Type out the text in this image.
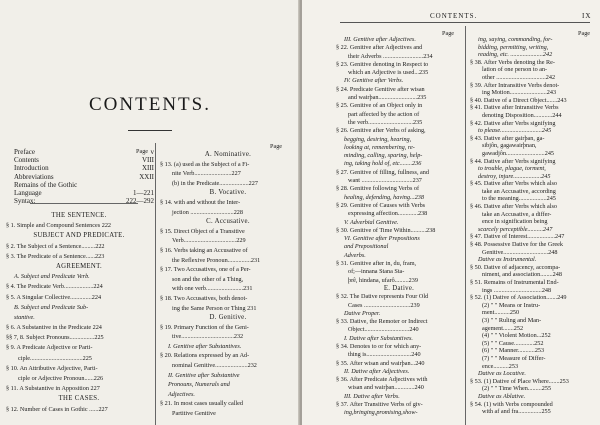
CONTENTS.
Preface	v
Contents	VIII
Introduction	XIII
Abbreviations	XXII
Remains of the Gothic
Language	1—221
Syntax:	222—292
Page
THE SENTENCE.
§ 1. Simple and Compound Sentences 222
SUBJECT AND PREDICATE.
§ 2. The Subject of a Sentence.........222
§ 3. The Predicate of a Sentence......223
AGREEMENT.
A. Subject and Predicate Verb.
§ 4. The Predicate Verb...................224
§ 5. A Singular Collective..............224
B. Subject and Predicate Sub-
stantive.
§ 6. A Substantive in the Predicate 224
§§ 7, 8. Subject Pronouns................225
§ 9. A Predicate Adjective or Parti-
ciple..................................225
§ 10. An Attributive Adjective, Parti-
ciple or Adjective Pronoun......226
§ 11. A Substantive in Apposition 227
THE CASES.
§ 12. Number of Cases in Gothic ......227
Page
A. Nominative.
§ 13. (a) used as the Subject of a Fi-
nite Verb........................227
(b) in the Predicate...................227
B. Vocative.
§ 14. with and without the Inter-
jection ............................228
C. Accusative.
§ 15. Direct Object of a Transitive
Verb..................................229
§ 16. Verbs taking an Accusative of
the Reflexive Pronoun...............231
§ 17. Two Accusatives, one of a Per-
son and the other of a Thing,
with one verb........................231
§ 18. Two Accusatives, both denot-
ing the Same Person or Thing 231
D. Genitive.
§ 19. Primary Function of the Geni-
tive..................................232
I. Genitive after Substantives.
§ 20. Relations expressed by an Ad-
nominal Genitive.....................232
II. Genitive after Substantive
Pronouns, Numerals and
Adjectives.
§ 21. In most cases usually called
Partitive Genitive
CONTENTS.	IX
Page
III. Genitive after Adjectives.
§ 22. Genitive after Adjectives and
their Adverbs ..........................234
§ 23. Genitive denoting in Respect to
which an Adjective is used...235
IV. Genitive after Verbs.
§ 24. Predicate Genitive after wisan
and wairþan.........................235
§ 25. Genitive of an Object only in
part affected by the action of
the verb.............................235
§ 26. Genitive after Verbs of asking,
begging, desiring, hearing,
looking at, remembering, re-
minding, calling, sparing, help-
ing, taking hold of, etc........236
§ 27. Genitive of filling, fullness, and
want .................................237
§ 28. Genitive following Verbs of
healing, defending, having...238
§ 29. Genitive of Causes with Verbs
expressing affection.............238
V. Adverbial Genitive.
§ 30. Genitive of Time Within..........238
VI. Genitive after Prepositions
and Prepositional
Adverbs.
§ 31. Genitive after in, du, fram,
of;—innana Stana Sta-
þrê, hindana, ufarô.........239
E. Dative.
§ 32. The Dative represents Four Old
Cases ..............................239
Dative Proper.
§ 33. Dative, the Remoter or Indirect
Object.............................240
I. Dative after Substantives.
§ 34. Denotes to or for which any-
thing is.............................240
§ 35. After wisan and wairþan...240
II. Dative after Adjectives.
§ 36. After Predicate Adjectives with
wisan and wairþan.............240
III. Dative after Verbs.
§ 37. After Transitive Verbs of giv-
ing,bringing,promising,show-
Page
ing, saying, commanding, for-
bidding, permitting, writing,
reading, etc. .....................242
§ 38. After Verbs denoting the Re-
lation of one person to an-
other ................................242
§ 39. After Intransitive Verbs denot-
ing Motion........................243
§ 40. Dative of a Direct Object.......243
§ 41. Dative after Intransitive Verbs
denoting Disposition............244
§ 42. Dative after Verbs signifying
to please...........................245
§ 43. Dative after gairþan, ga-
sibjôn, gagawairþnan,
gawadjôn.........................245
§ 44. Dative after Verbs signifying
to trouble, plague, torment,
destroy, injure..................245
§ 45. Dative after Verbs which also
take an Accusative, according
to the meaning..................245
§ 46. Dative after Verbs which also
take an Accusative, a differ-
ence in signification being
scarcely perceptible..........247
§ 47. Dative of Interest..................247
§ 48. Possessive Dative for the Greek
Genitive.............................248
Dative as Instrumental.
§ 50. Dative of adjacency, accompa-
niment, and association........248
§ 51. Remains of Instrumental End-
ings ...............................248
§ 52. (1) Dative of Association.......249
(2) " " Means or Instru-
ment..........250
(3) " " Ruling and Man-
agement.......252
(4) " " Violent Motion...252
(5) " " Cause.............252
(6) " " Manner...........253
(7) " " Measure of Differ-
ence..........253
Dative as Locative.
§ 53. (1) Dative of Place Where.......253
(2) " " Time When.........255
Dative as Ablative.
§ 54. (1) with Verbs compounded
with af and fra...............255
